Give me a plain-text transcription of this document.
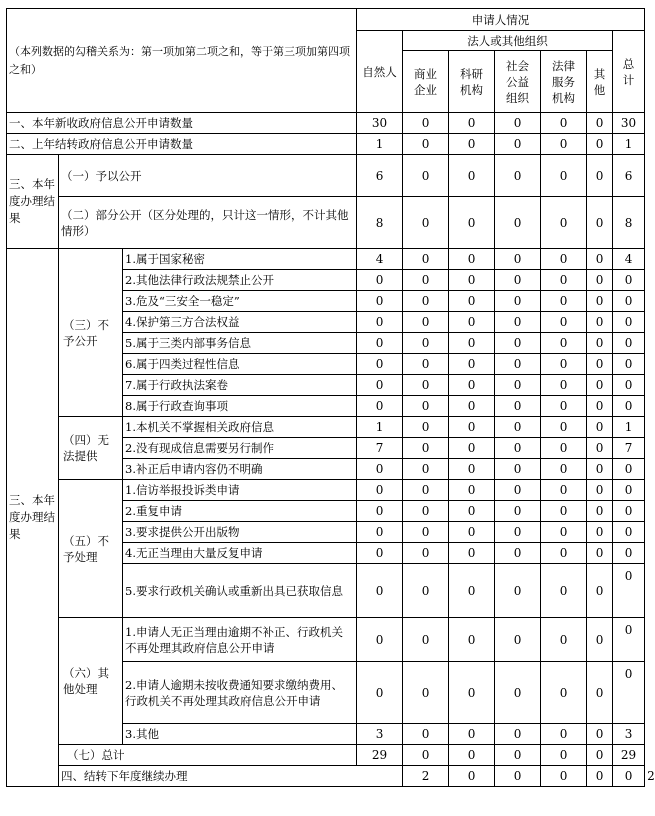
（本列数据的勾稽关系为：第一项加第二项之和，等于第三项加第四项之和）			申请人情况							
			自然人	法人或其他组织					总计	
				商业企业	科研机构	社会公益组织	法律服务机构	其他		
一、本年新收政府信息公开申请数量			30	0	0	0	0	0	30	
二、上年结转政府信息公开申请数量			1	0	0	0	0	0	1	
三、本年度办理结果	（一）予以公开		6	0	0	0	0	0	6	
	（二）部分公开（区分处理的，只计这一情形，不计其他情形）		8	0	0	0	0	0	8	
三、本年度办理结果	（三）不予公开	1.属于国家秘密	4	0	0	0	0	0	4	
		2.其他法律行政法规禁止公开	0	0	0	0	0	0	0	
		3.危及“三安全一稳定”	0	0	0	0	0	0	0	
		4.保护第三方合法权益	0	0	0	0	0	0	0	
		5.属于三类内部事务信息	0	0	0	0	0	0	0	
		6.属于四类过程性信息	0	0	0	0	0	0	0	
		7.属于行政执法案卷	0	0	0	0	0	0	0	
		8.属于行政查询事项	0	0	0	0	0	0	0	
	（四）无法提供	1.本机关不掌握相关政府信息	1	0	0	0	0	0	1	
		2.没有现成信息需要另行制作	7	0	0	0	0	0	7	
		3.补正后申请内容仍不明确	0	0	0	0	0	0	0	
	（五）不予处理	1.信访举报投诉类申请	0	0	0	0	0	0	0	
		2.重复申请	0	0	0	0	0	0	0	
		3.要求提供公开出版物	0	0	0	0	0	0	0	
		4.无正当理由大量反复申请	0	0	0	0	0	0	0	
		5.要求行政机关确认或重新出具已获取信息	0	0	0	0	0	0	0	
	（六）其他处理	1.申请人无正当理由逾期不补正、行政机关不再处理其政府信息公开申请	0	0	0	0	0	0	0	
		2.申请人逾期未按收费通知要求缴纳费用、行政机关不再处理其政府信息公开申请	0	0	0	0	0	0	0	
		3.其他	3	0	0	0	0	0	3	
	（七）总计		29	0	0	0	0	0	29	
	四、结转下年度继续办理			2	0	0	0	0	0	2
